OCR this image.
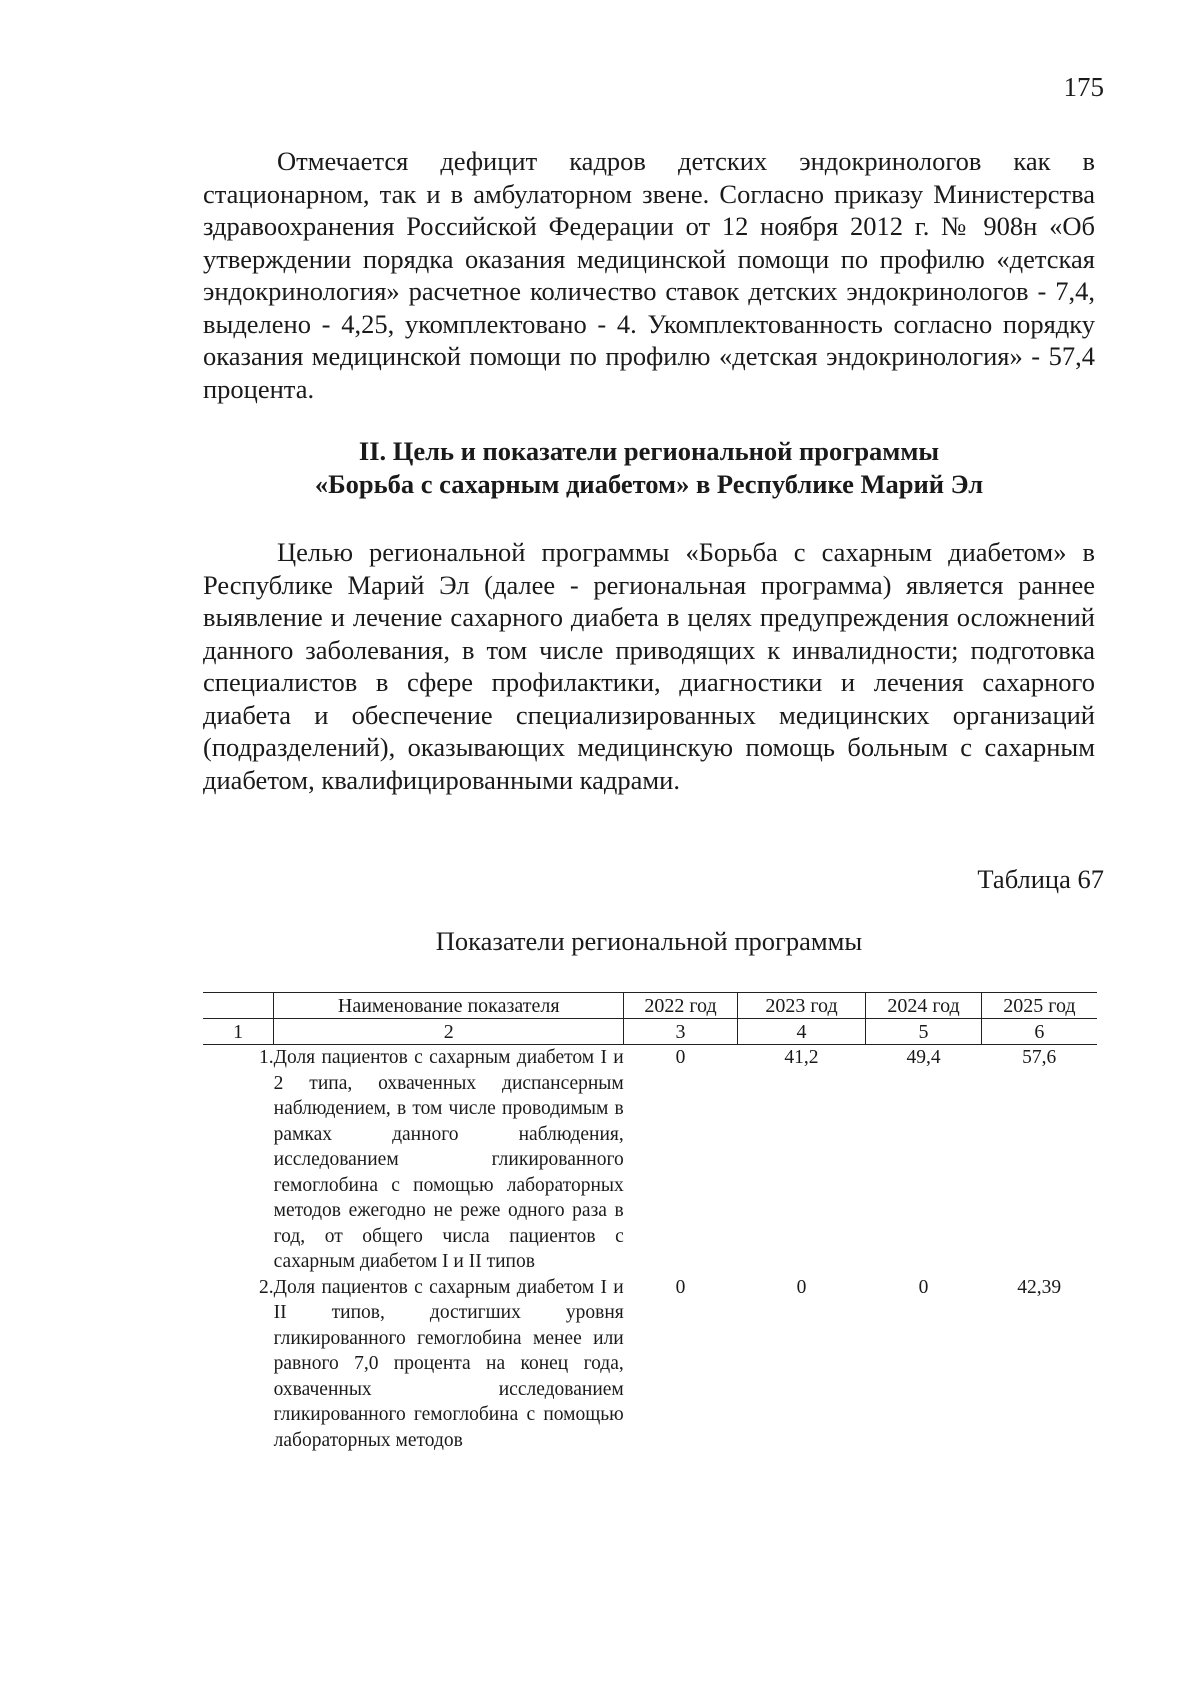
175

Отмечается дефицит кадров детских эндокринологов как в стационарном, так и в амбулаторном звене. Согласно приказу Министерства здравоохранения Российской Федерации от 12 ноября 2012 г. № 908н «Об утверждении порядка оказания медицинской помощи по профилю «детская эндокринология» расчетное количество ставок детских эндокринологов - 7,4, выделено - 4,25, укомплектовано - 4. Укомплектованность согласно порядку оказания медицинской помощи по профилю «детская эндокринология» - 57,4 процента.

II. Цель и показатели региональной программы
«Борьба с сахарным диабетом» в Республике Марий Эл

Целью региональной программы «Борьба с сахарным диабетом» в Республике Марий Эл (далее - региональная программа) является раннее выявление и лечение сахарного диабета в целях предупреждения осложнений данного заболевания, в том числе приводящих к инвалидности; подготовка специалистов в сфере профилактики, диагностики и лечения сахарного диабета и обеспечение специализированных медицинских организаций (подразделений), оказывающих медицинскую помощь больным с сахарным диабетом, квалифицированными кадрами.

Таблица 67
Показатели региональной программы
	Наименование показателя	2022 год	2023 год	2024 год	2025 год
1	2	3	4	5	6
1.	Доля пациентов с сахарным диабетом I и 2 типа, охваченных диспансерным наблюдением, в том числе проводимым в рамках данного наблюдения, исследованием гликированного гемоглобина с помощью лабораторных методов ежегодно не реже одного раза в год, от общего числа пациентов с сахарным диабетом I и II типов	0	41,2	49,4	57,6
2.	Доля пациентов с сахарным диабетом I и II типов, достигших уровня гликированного гемоглобина менее или равного 7,0 процента на конец года, охваченных исследованием гликированного гемоглобина с помощью лабораторных методов	0	0	0	42,39
